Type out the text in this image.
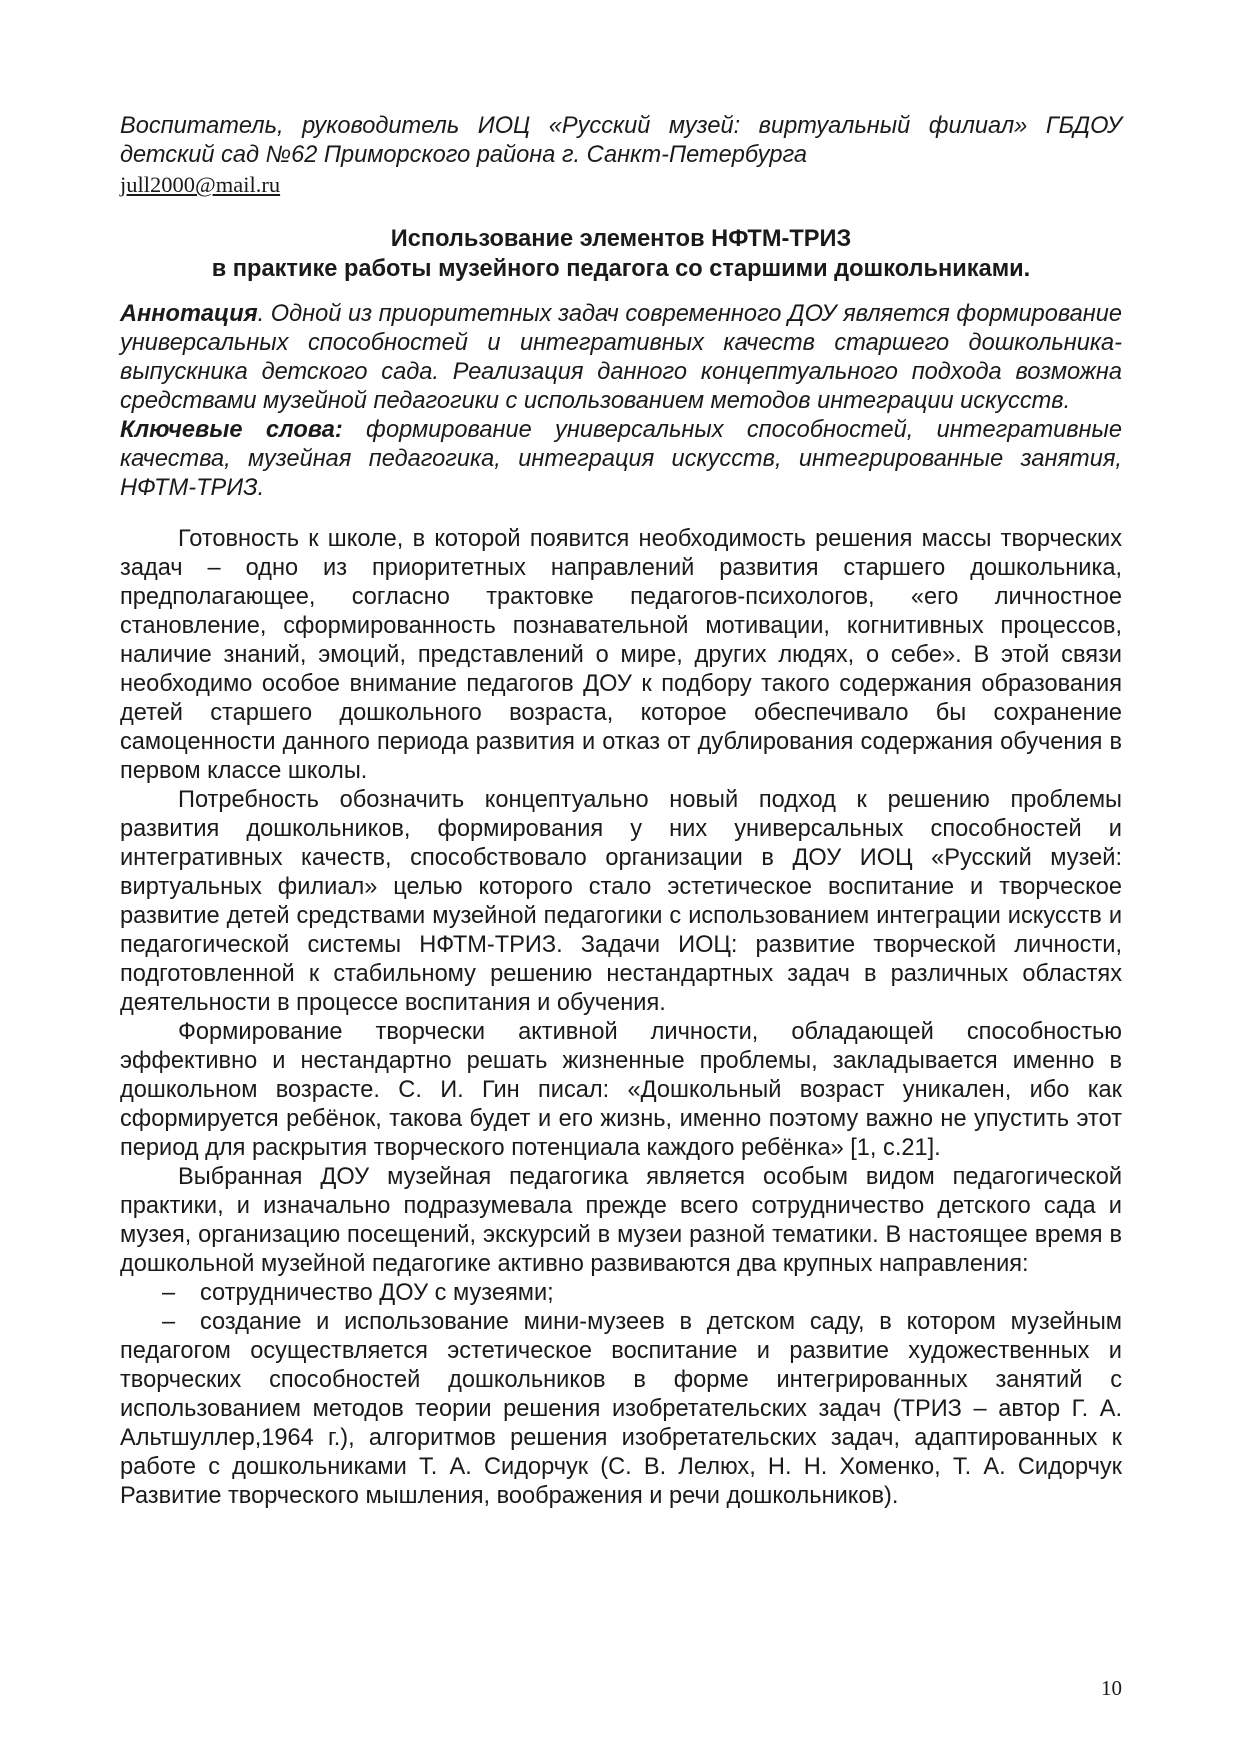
Воспитатель, руководитель ИОЦ «Русский музей: виртуальный филиал» ГБДОУ
детский сад №62 Приморского района г. Санкт-Петербурга
jull2000@mail.ru
Использование элементов НФТМ-ТРИЗ
в практике работы музейного педагога со старшими дошкольниками.
Аннотация. Одной из приоритетных задач современного ДОУ является формирование универсальных способностей и интегративных качеств старшего дошкольника-выпускника детского сада. Реализация данного концептуального подхода возможна средствами музейной педагогики с использованием методов интеграции искусств.
Ключевые слова: формирование универсальных способностей, интегративные качества, музейная педагогика, интеграция искусств, интегрированные занятия, НФТМ-ТРИЗ.

Готовность к школе, в которой появится необходимость решения массы творческих задач – одно из приоритетных направлений развития старшего дошкольника, предполагающее, согласно трактовке педагогов-психологов, «его личностное становление, сформированность познавательной мотивации, когнитивных процессов, наличие знаний, эмоций, представлений о мире, других людях, о себе». В этой связи необходимо особое внимание педагогов ДОУ к подбору такого содержания образования детей старшего дошкольного возраста, которое обеспечивало бы сохранение самоценности данного периода развития и отказ от дублирования содержания обучения в первом классе школы.

Потребность обозначить концептуально новый подход к решению проблемы развития дошкольников, формирования у них универсальных способностей и интегративных качеств, способствовало организации в ДОУ ИОЦ «Русский музей: виртуальных филиал» целью которого стало эстетическое воспитание и творческое развитие детей средствами музейной педагогики с использованием интеграции искусств и педагогической системы НФТМ-ТРИЗ. Задачи ИОЦ: развитие творческой личности, подготовленной к стабильному решению нестандартных задач в различных областях деятельности в процессе воспитания и обучения.

Формирование творчески активной личности, обладающей способностью эффективно и нестандартно решать жизненные проблемы, закладывается именно в дошкольном возрасте. С. И. Гин писал: «Дошкольный возраст уникален, ибо как сформируется ребёнок, такова будет и его жизнь, именно поэтому важно не упустить этот период для раскрытия творческого потенциала каждого ребёнка» [1, с.21].

Выбранная ДОУ музейная педагогика является особым видом педагогической практики, и изначально подразумевала прежде всего сотрудничество детского сада и музея, организацию посещений, экскурсий в музеи разной тематики. В настоящее время в дошкольной музейной педагогике активно развиваются два крупных направления:

– сотрудничество ДОУ с музеями;
– создание и использование мини-музеев в детском саду, в котором музейным педагогом осуществляется эстетическое воспитание и развитие художественных и творческих способностей дошкольников в форме интегрированных занятий с использованием методов теории решения изобретательских задач (ТРИЗ – автор Г. А. Альтшуллер,1964 г.), алгоритмов решения изобретательских задач, адаптированных к работе с дошкольниками Т. А. Сидорчук (С. В. Лелюх, Н. Н. Хоменко, Т. А. Сидорчук Развитие творческого мышления, воображения и речи дошкольников).
10
